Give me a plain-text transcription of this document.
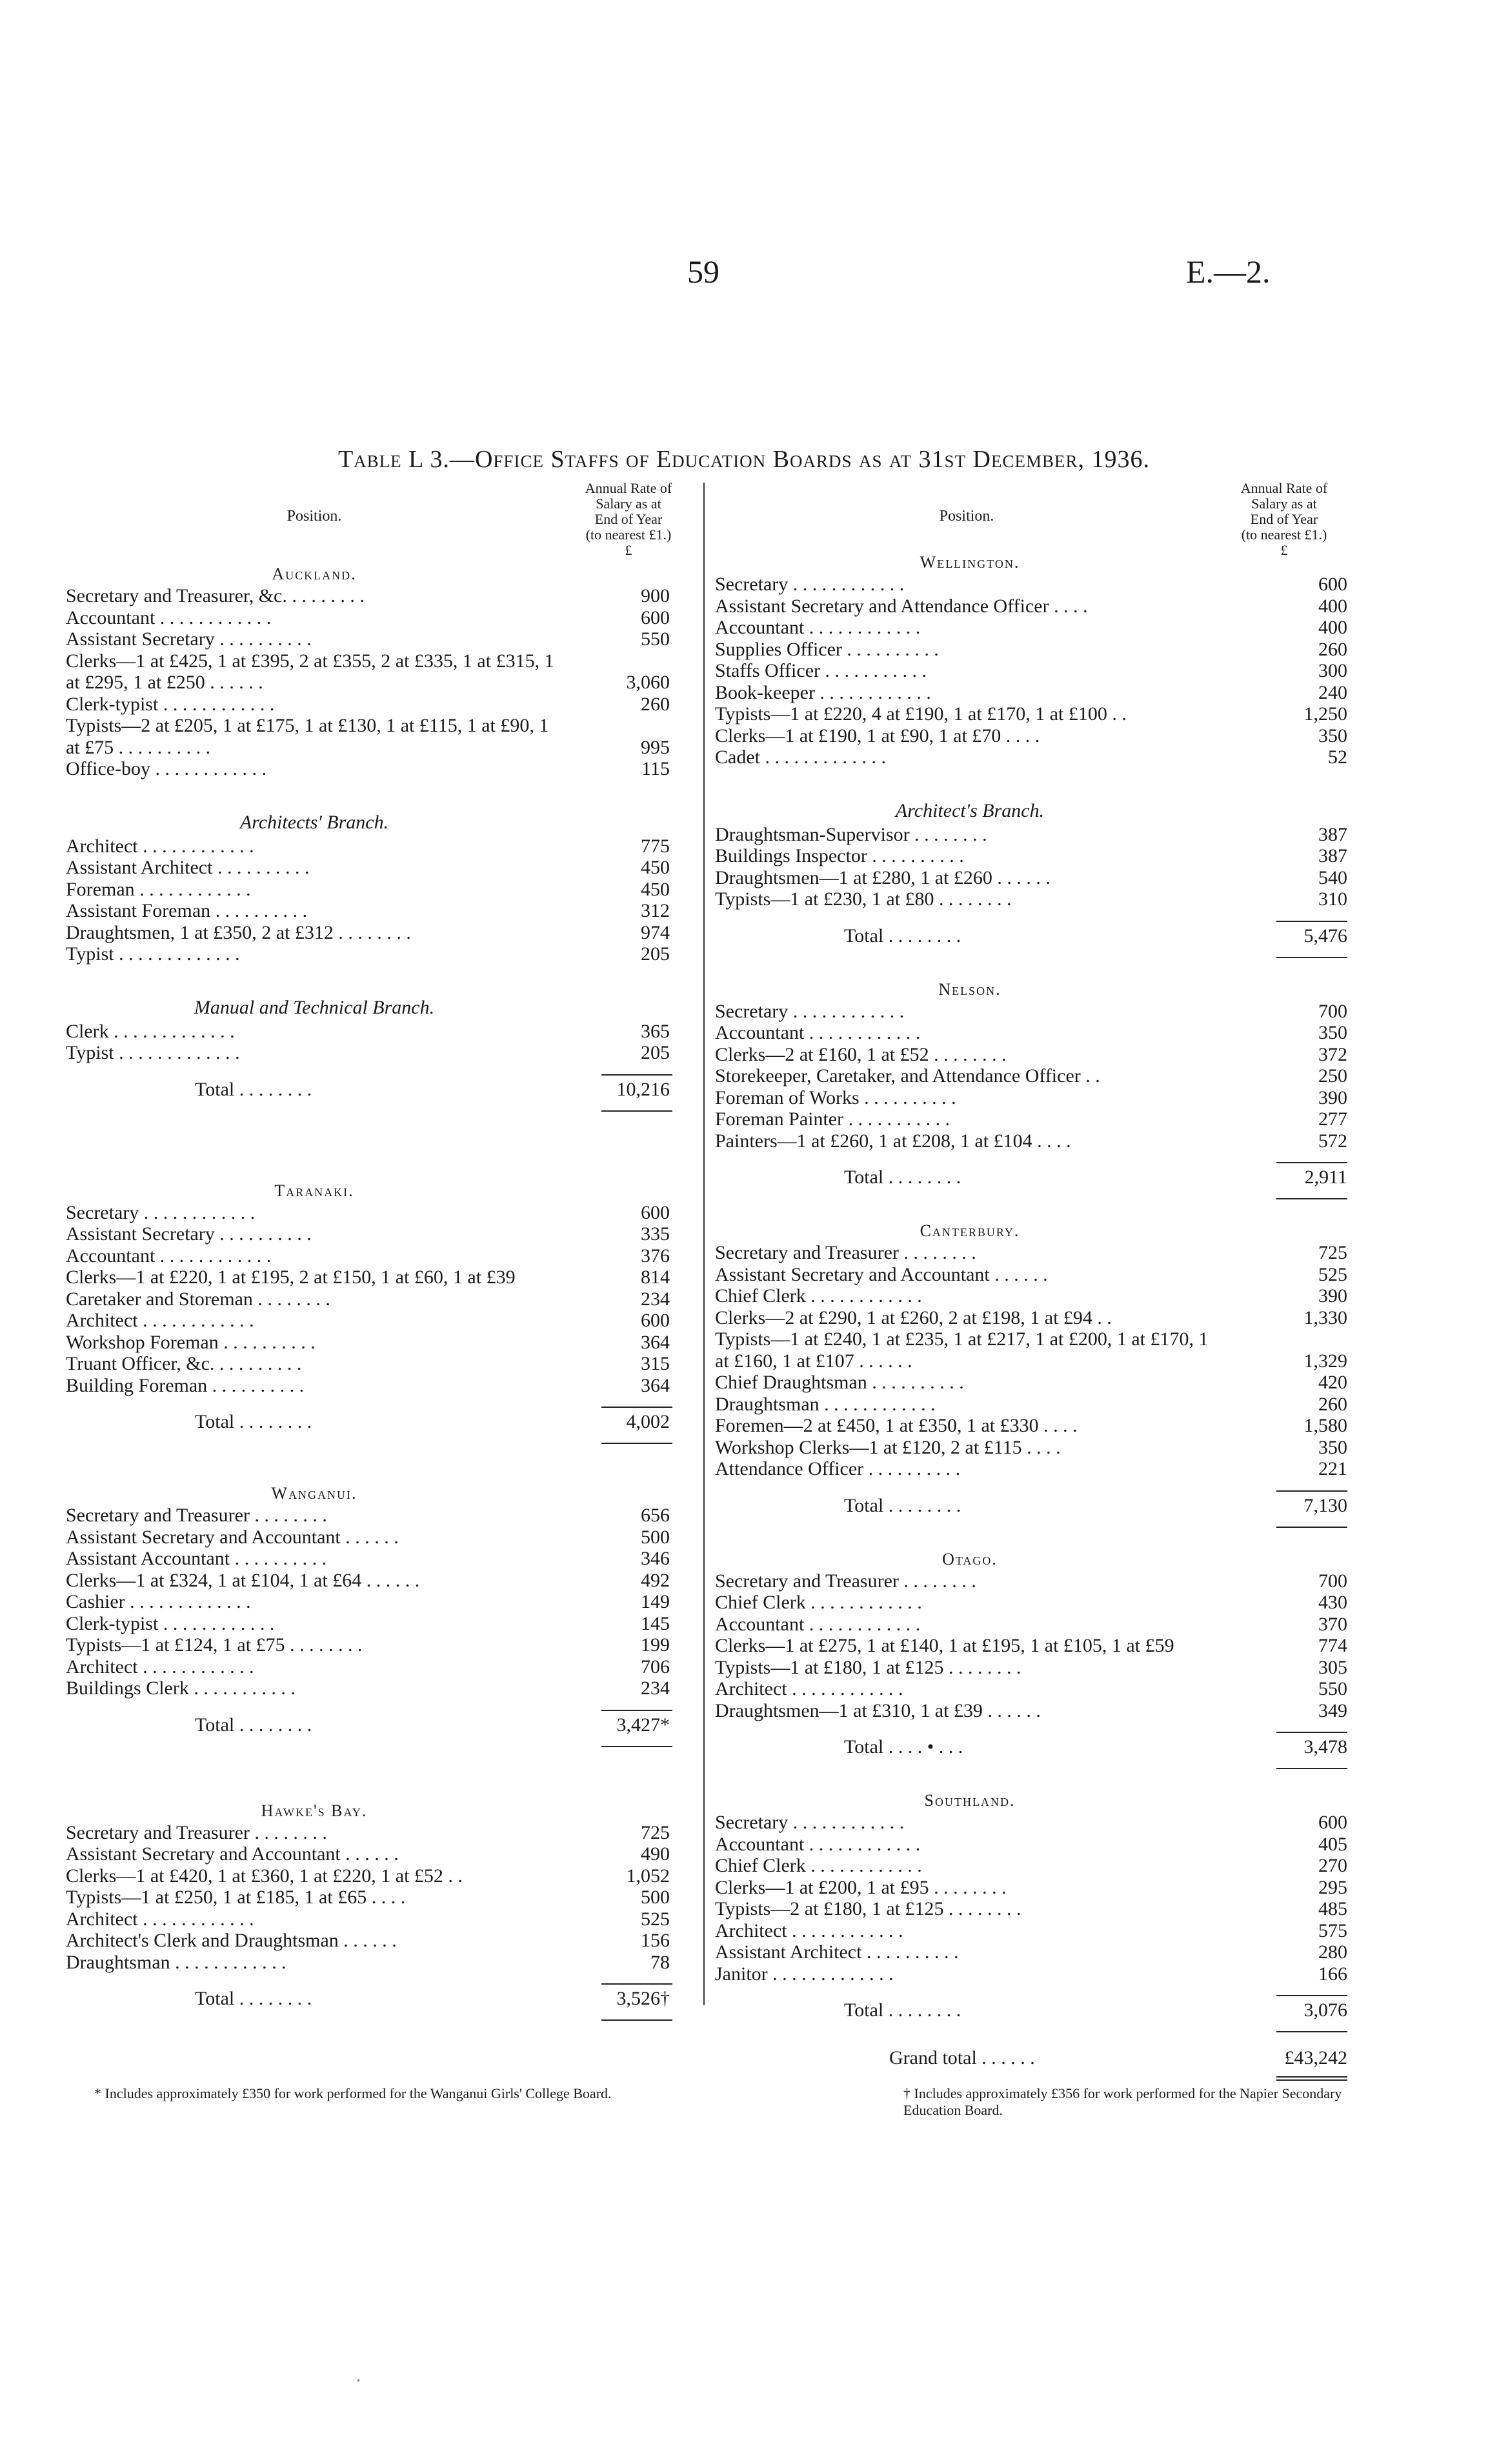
59	E.—2.
Table L 3.—Office Staffs of Education Boards as at 31st December, 1936.
Position.
Annual Rate of
Salary as at
End of Year
(to nearest £1.)
£
Auckland.
Secretary and Treasurer, &c. . . . . . . . .	900
Accountant . . . . . . . . . . . .	600
Assistant Secretary . . . . . . . . . .	550
Clerks—1 at £425, 1 at £395, 2 at £355, 2 at £335, 1 at £315, 1 at £295, 1 at £250 . . . . . .	3,060
Clerk-typist . . . . . . . . . . . .	260
Typists—2 at £205, 1 at £175, 1 at £130, 1 at £115, 1 at £90, 1 at £75 . . . . . . . . . .	995
Office-boy . . . . . . . . . . . .	115
Architects' Branch.
Architect . . . . . . . . . . . .	775
Assistant Architect . . . . . . . . . .	450
Foreman . . . . . . . . . . . .	450
Assistant Foreman . . . . . . . . . .	312
Draughtsmen, 1 at £350, 2 at £312 . . . . . . . .	974
Typist . . . . . . . . . . . . .	205
Manual and Technical Branch.
Clerk . . . . . . . . . . . . .	365
Typist . . . . . . . . . . . . .	205
Total . . . . . . . .	10,216
Taranaki.
Secretary . . . . . . . . . . . .	600
Assistant Secretary . . . . . . . . . .	335
Accountant . . . . . . . . . . . .	376
Clerks—1 at £220, 1 at £195, 2 at £150, 1 at £60, 1 at £39	814
Caretaker and Storeman . . . . . . . .	234
Architect . . . . . . . . . . . .	600
Workshop Foreman . . . . . . . . . .	364
Truant Officer, &c. . . . . . . . . .	315
Building Foreman . . . . . . . . . .	364
Total . . . . . . . .	4,002
Wanganui.
Secretary and Treasurer . . . . . . . .	656
Assistant Secretary and Accountant . . . . . .	500
Assistant Accountant . . . . . . . . . .	346
Clerks—1 at £324, 1 at £104, 1 at £64 . . . . . .	492
Cashier . . . . . . . . . . . . .	149
Clerk-typist . . . . . . . . . . . .	145
Typists—1 at £124, 1 at £75 . . . . . . . .	199
Architect . . . . . . . . . . . .	706
Buildings Clerk . . . . . . . . . . .	234
Total . . . . . . . .	3,427*
Hawke's Bay.
Secretary and Treasurer . . . . . . . .	725
Assistant Secretary and Accountant . . . . . .	490
Clerks—1 at £420, 1 at £360, 1 at £220, 1 at £52 . .	1,052
Typists—1 at £250, 1 at £185, 1 at £65 . . . .	500
Architect . . . . . . . . . . . .	525
Architect's Clerk and Draughtsman . . . . . .	156
Draughtsman . . . . . . . . . . . .	78
Total . . . . . . . .	3,526†
Position.
Annual Rate of
Salary as at
End of Year
(to nearest £1.)
£
Wellington.
Secretary . . . . . . . . . . . .	600
Assistant Secretary and Attendance Officer . . . .	400
Accountant . . . . . . . . . . . .	400
Supplies Officer . . . . . . . . . .	260
Staffs Officer . . . . . . . . . . .	300
Book-keeper . . . . . . . . . . . .	240
Typists—1 at £220, 4 at £190, 1 at £170, 1 at £100 . .	1,250
Clerks—1 at £190, 1 at £90, 1 at £70 . . . .	350
Cadet . . . . . . . . . . . . .	52
Architect's Branch.
Draughtsman-Supervisor . . . . . . . .	387
Buildings Inspector . . . . . . . . . .	387
Draughtsmen—1 at £280, 1 at £260 . . . . . .	540
Typists—1 at £230, 1 at £80 . . . . . . . .	310
Total . . . . . . . .	5,476
Nelson.
Secretary . . . . . . . . . . . .	700
Accountant . . . . . . . . . . . .	350
Clerks—2 at £160, 1 at £52 . . . . . . . .	372
Storekeeper, Caretaker, and Attendance Officer . .	250
Foreman of Works . . . . . . . . . .	390
Foreman Painter . . . . . . . . . . .	277
Painters—1 at £260, 1 at £208, 1 at £104 . . . .	572
Total . . . . . . . .	2,911
Canterbury.
Secretary and Treasurer . . . . . . . .	725
Assistant Secretary and Accountant . . . . . .	525
Chief Clerk . . . . . . . . . . . .	390
Clerks—2 at £290, 1 at £260, 2 at £198, 1 at £94 . .	1,330
Typists—1 at £240, 1 at £235, 1 at £217, 1 at £200, 1 at £170, 1 at £160, 1 at £107 . . . . . .	1,329
Chief Draughtsman . . . . . . . . . .	420
Draughtsman . . . . . . . . . . . .	260
Foremen—2 at £450, 1 at £350, 1 at £330 . . . .	1,580
Workshop Clerks—1 at £120, 2 at £115 . . . .	350
Attendance Officer . . . . . . . . . .	221
Total . . . . . . . .	7,130
Otago.
Secretary and Treasurer . . . . . . . .	700
Chief Clerk . . . . . . . . . . . .	430
Accountant . . . . . . . . . . . .	370
Clerks—1 at £275, 1 at £140, 1 at £195, 1 at £105, 1 at £59	774
Typists—1 at £180, 1 at £125 . . . . . . . .	305
Architect . . . . . . . . . . . .	550
Draughtsmen—1 at £310, 1 at £39 . . . . . .	349
Total . . . . • . . .	3,478
Southland.
Secretary . . . . . . . . . . . .	600
Accountant . . . . . . . . . . . .	405
Chief Clerk . . . . . . . . . . . .	270
Clerks—1 at £200, 1 at £95 . . . . . . . .	295
Typists—2 at £180, 1 at £125 . . . . . . . .	485
Architect . . . . . . . . . . . .	575
Assistant Architect . . . . . . . . . .	280
Janitor . . . . . . . . . . . . .	166
Total . . . . . . . .	3,076
Grand total . . . . . .	£43,242
* Includes approximately £350 for work performed for the Wanganui Girls' College Board.	† Includes approximately £356 for work performed for the Napier Secondary Education Board.
